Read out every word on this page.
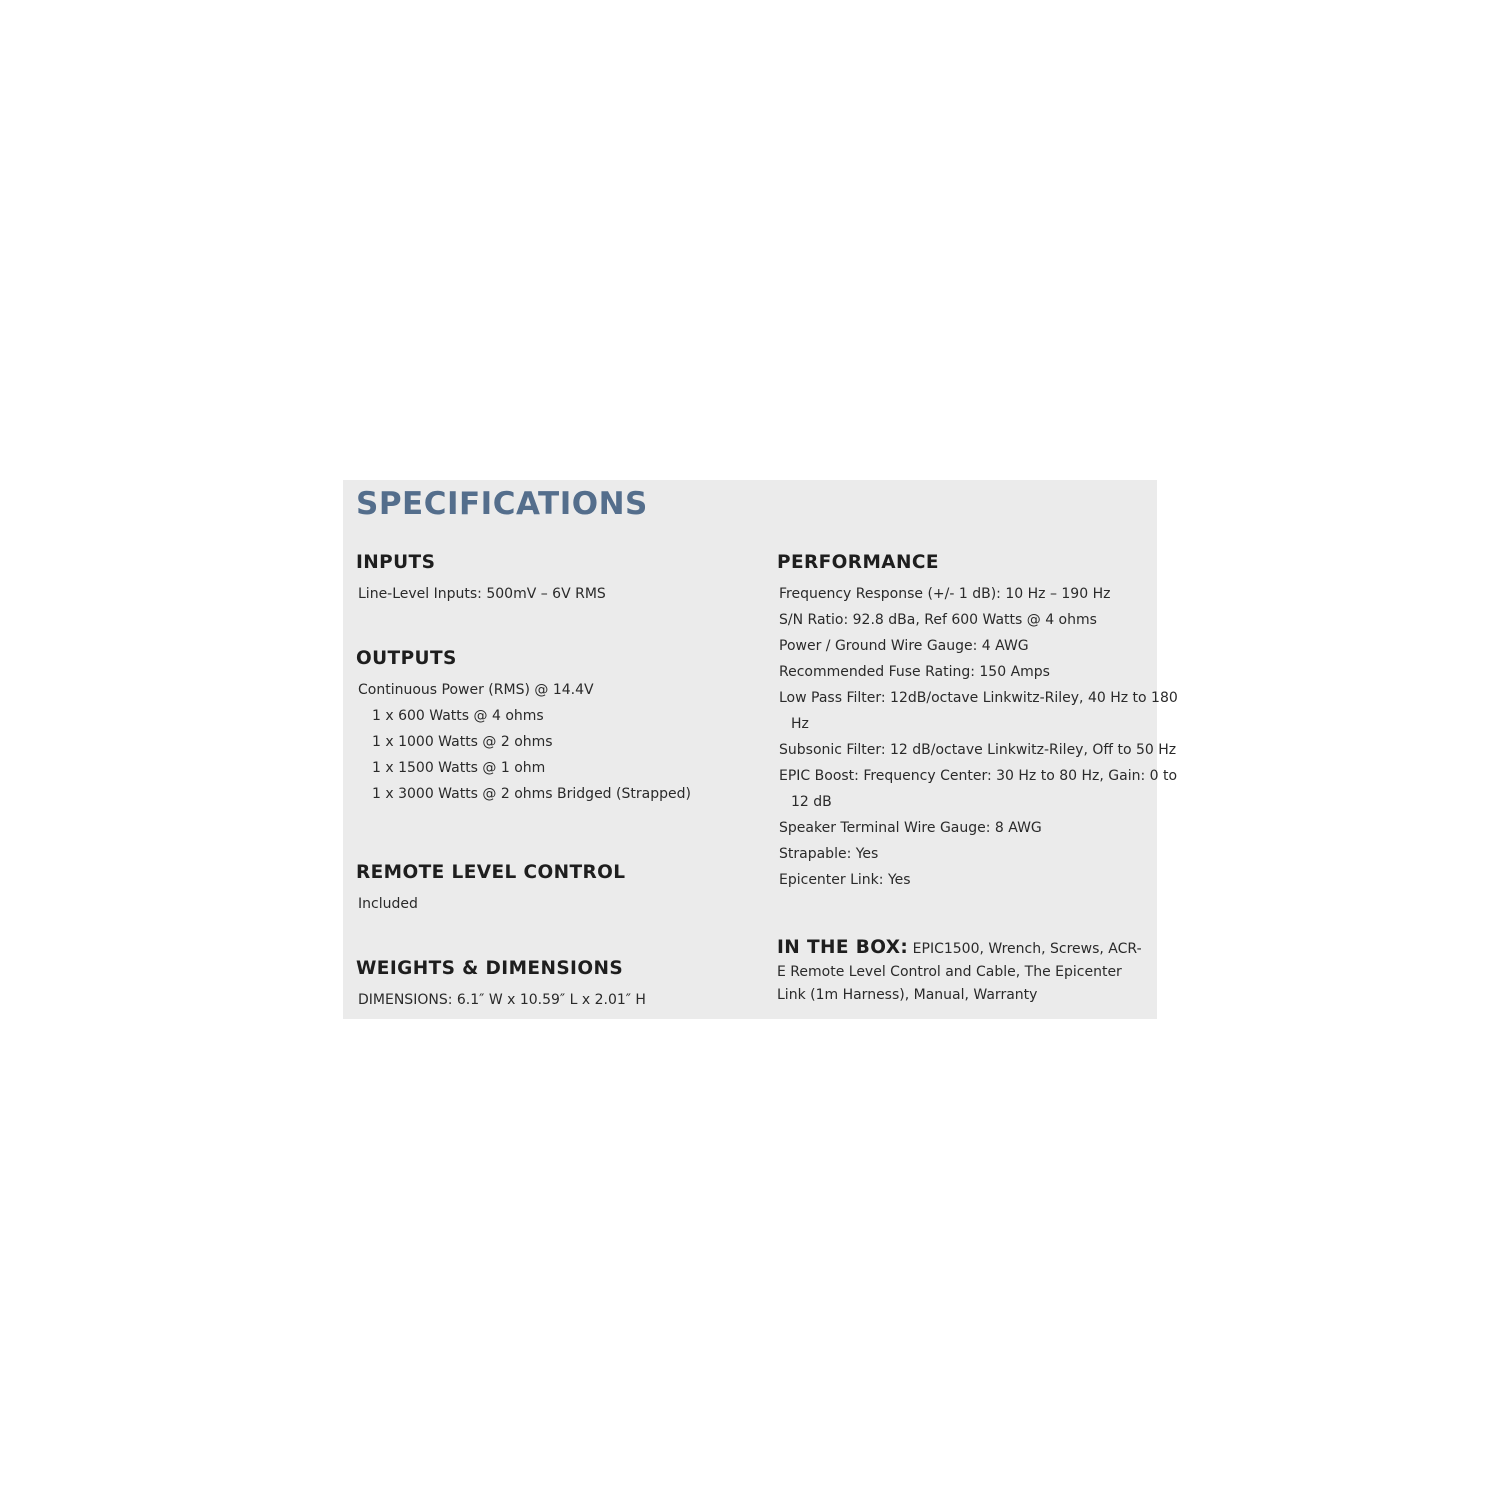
SPECIFICATIONS
INPUTS
Line-Level Inputs: 500mV – 6V RMS
OUTPUTS
Continuous Power (RMS) @ 14.4V
1 x 600 Watts @ 4 ohms
1 x 1000 Watts @ 2 ohms
1 x 1500 Watts @ 1 ohm
1 x 3000 Watts @ 2 ohms Bridged (Strapped)
REMOTE LEVEL CONTROL
Included
WEIGHTS & DIMENSIONS
DIMENSIONS: 6.1″ W x 10.59″ L x 2.01″ H
PERFORMANCE
Frequency Response (+/- 1 dB): 10 Hz – 190 Hz
S/N Ratio: 92.8 dBa, Ref 600 Watts @ 4 ohms
Power / Ground Wire Gauge: 4 AWG
Recommended Fuse Rating: 150 Amps
Low Pass Filter: 12dB/octave Linkwitz-Riley, 40 Hz to 180
Hz
Subsonic Filter: 12 dB/octave Linkwitz-Riley, Off to 50 Hz
EPIC Boost: Frequency Center: 30 Hz to 80 Hz, Gain: 0 to
12 dB
Speaker Terminal Wire Gauge: 8 AWG
Strapable: Yes
Epicenter Link: Yes
IN THE BOX: EPIC1500, Wrench, Screws, ACR-E Remote Level Control and Cable, The Epicenter Link (1m Harness), Manual, Warranty
